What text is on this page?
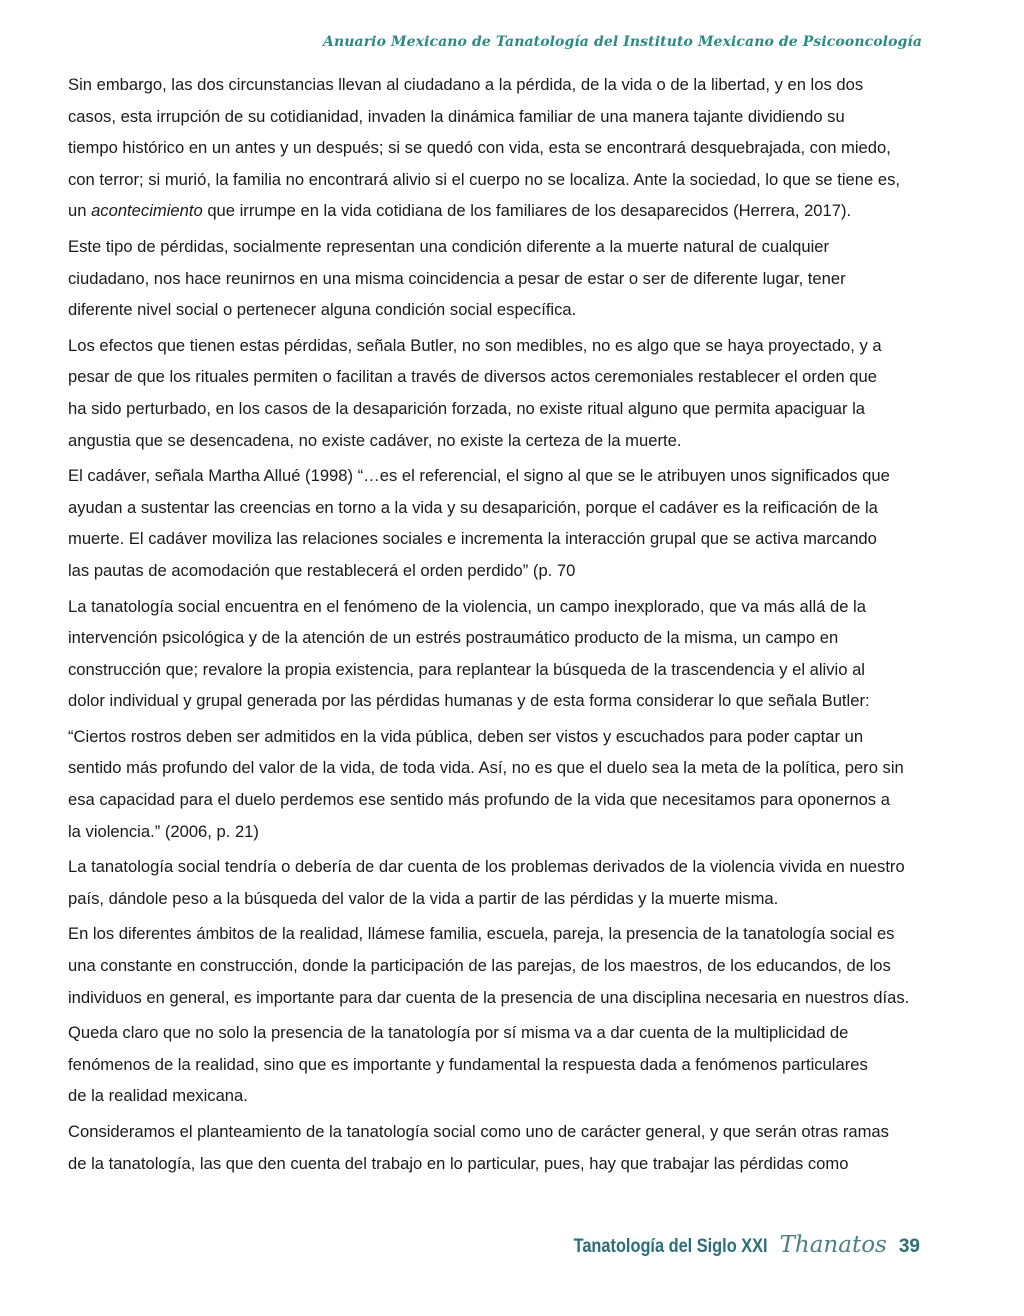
Anuario Mexicano de Tanatología del Instituto Mexicano de Psicooncología

Sin embargo, las dos circunstancias llevan al ciudadano a la pérdida, de la vida o de la libertad, y en los dos
casos, esta irrupción de su cotidianidad, invaden la dinámica familiar de una manera tajante dividiendo su
tiempo histórico en un antes y un después; si se quedó con vida, esta se encontrará desquebrajada, con miedo,
con terror; si murió, la familia no encontrará alivio si el cuerpo no se localiza. Ante la sociedad, lo que se tiene es,
un acontecimiento que irrumpe en la vida cotidiana de los familiares de los desaparecidos (Herrera, 2017).

Este tipo de pérdidas, socialmente representan una condición diferente a la muerte natural de cualquier
ciudadano, nos hace reunirnos en una misma coincidencia a pesar de estar o ser de diferente lugar, tener
diferente nivel social o pertenecer alguna condición social específica.

Los efectos que tienen estas pérdidas, señala Butler, no son medibles, no es algo que se haya proyectado, y a
pesar de que los rituales permiten o facilitan a través de diversos actos ceremoniales restablecer el orden que
ha sido perturbado, en los casos de la desaparición forzada, no existe ritual alguno que permita apaciguar la
angustia que se desencadena, no existe cadáver, no existe la certeza de la muerte.

El cadáver, señala Martha Allué (1998) “…es el referencial, el signo al que se le atribuyen unos significados que
ayudan a sustentar las creencias en torno a la vida y su desaparición, porque el cadáver es la reificación de la
muerte. El cadáver moviliza las relaciones sociales e incrementa la interacción grupal que se activa marcando
las pautas de acomodación que restablecerá el orden perdido” (p. 70

La tanatología social encuentra en el fenómeno de la violencia, un campo inexplorado, que va más allá de la
intervención psicológica y de la atención de un estrés postraumático producto de la misma, un campo en
construcción que; revalore la propia existencia, para replantear la búsqueda de la trascendencia y el alivio al
dolor individual y grupal generada por las pérdidas humanas y de esta forma considerar lo que señala Butler:

“Ciertos rostros deben ser admitidos en la vida pública, deben ser vistos y escuchados para poder captar un
sentido más profundo del valor de la vida, de toda vida. Así, no es que el duelo sea la meta de la política, pero sin
esa capacidad para el duelo perdemos ese sentido más profundo de la vida que necesitamos para oponernos a
la violencia.” (2006, p. 21)

La tanatología social tendría o debería de dar cuenta de los problemas derivados de la violencia vivida en nuestro
país, dándole peso a la búsqueda del valor de la vida a partir de las pérdidas y la muerte misma.

En los diferentes ámbitos de la realidad, llámese familia, escuela, pareja, la presencia de la tanatología social es
una constante en construcción, donde la participación de las parejas, de los maestros, de los educandos, de los
individuos en general, es importante para dar cuenta de la presencia de una disciplina necesaria en nuestros días.

Queda claro que no solo la presencia de la tanatología por sí misma va a dar cuenta de la multiplicidad de
fenómenos de la realidad, sino que es importante y fundamental la respuesta dada a fenómenos particulares
de la realidad mexicana.

Consideramos el planteamiento de la tanatología social como uno de carácter general, y que serán otras ramas
de la tanatología, las que den cuenta del trabajo en lo particular, pues, hay que trabajar las pérdidas como

Tanatología del Siglo XXI Thanatos 39
